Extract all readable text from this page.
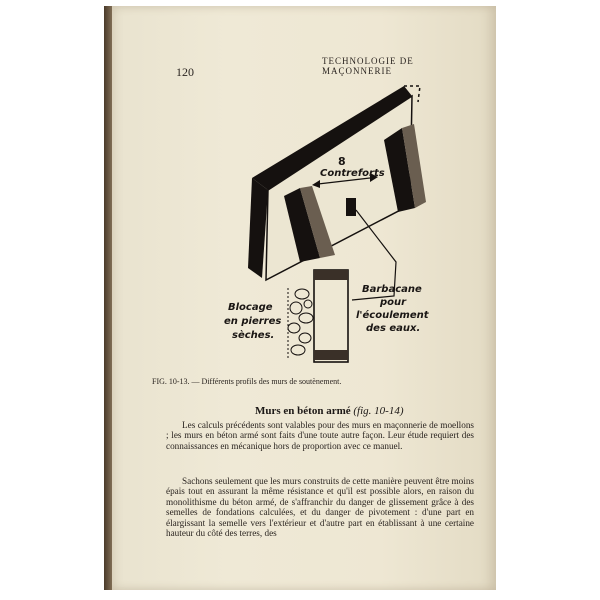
120
TECHNOLOGIE DE MAÇONNERIE
8
Contreforts
Barbacane
pour
l'écoulement
des eaux.
Blocage
en pierres
sèches.
FIG. 10-13. — Différents profils des murs de soutènement.
Murs en béton armé (fig. 10-14)
Les calculs précédents sont valables pour des murs en maçonnerie de moellons ; les murs en béton armé sont faits d'une toute autre façon. Leur étude requiert des connaissances en mécanique hors de proportion avec ce manuel.
Sachons seulement que les murs construits de cette manière peuvent être moins épais tout en assurant la même résistance et qu'il est possible alors, en raison du monolithisme du béton armé, de s'affranchir du danger de glissement grâce à des semelles de fondations calculées, et du danger de pivotement : d'une part en élargissant la semelle vers l'extérieur et d'autre part en établissant à une certaine hauteur du côté des terres, des
